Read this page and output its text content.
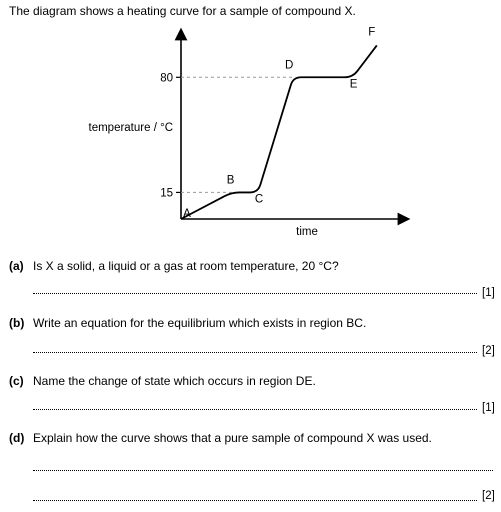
The diagram shows a heating curve for a sample of compound X.
15
80
A
B
C
D
E
F
temperature / °C
time
(a) Is X a solid, a liquid or a gas at room temperature, 20 °C?
[1]
(b) Write an equation for the equilibrium which exists in region BC.
[2]
(c) Name the change of state which occurs in region DE.
[1]
(d) Explain how the curve shows that a pure sample of compound X was used.
[2]
